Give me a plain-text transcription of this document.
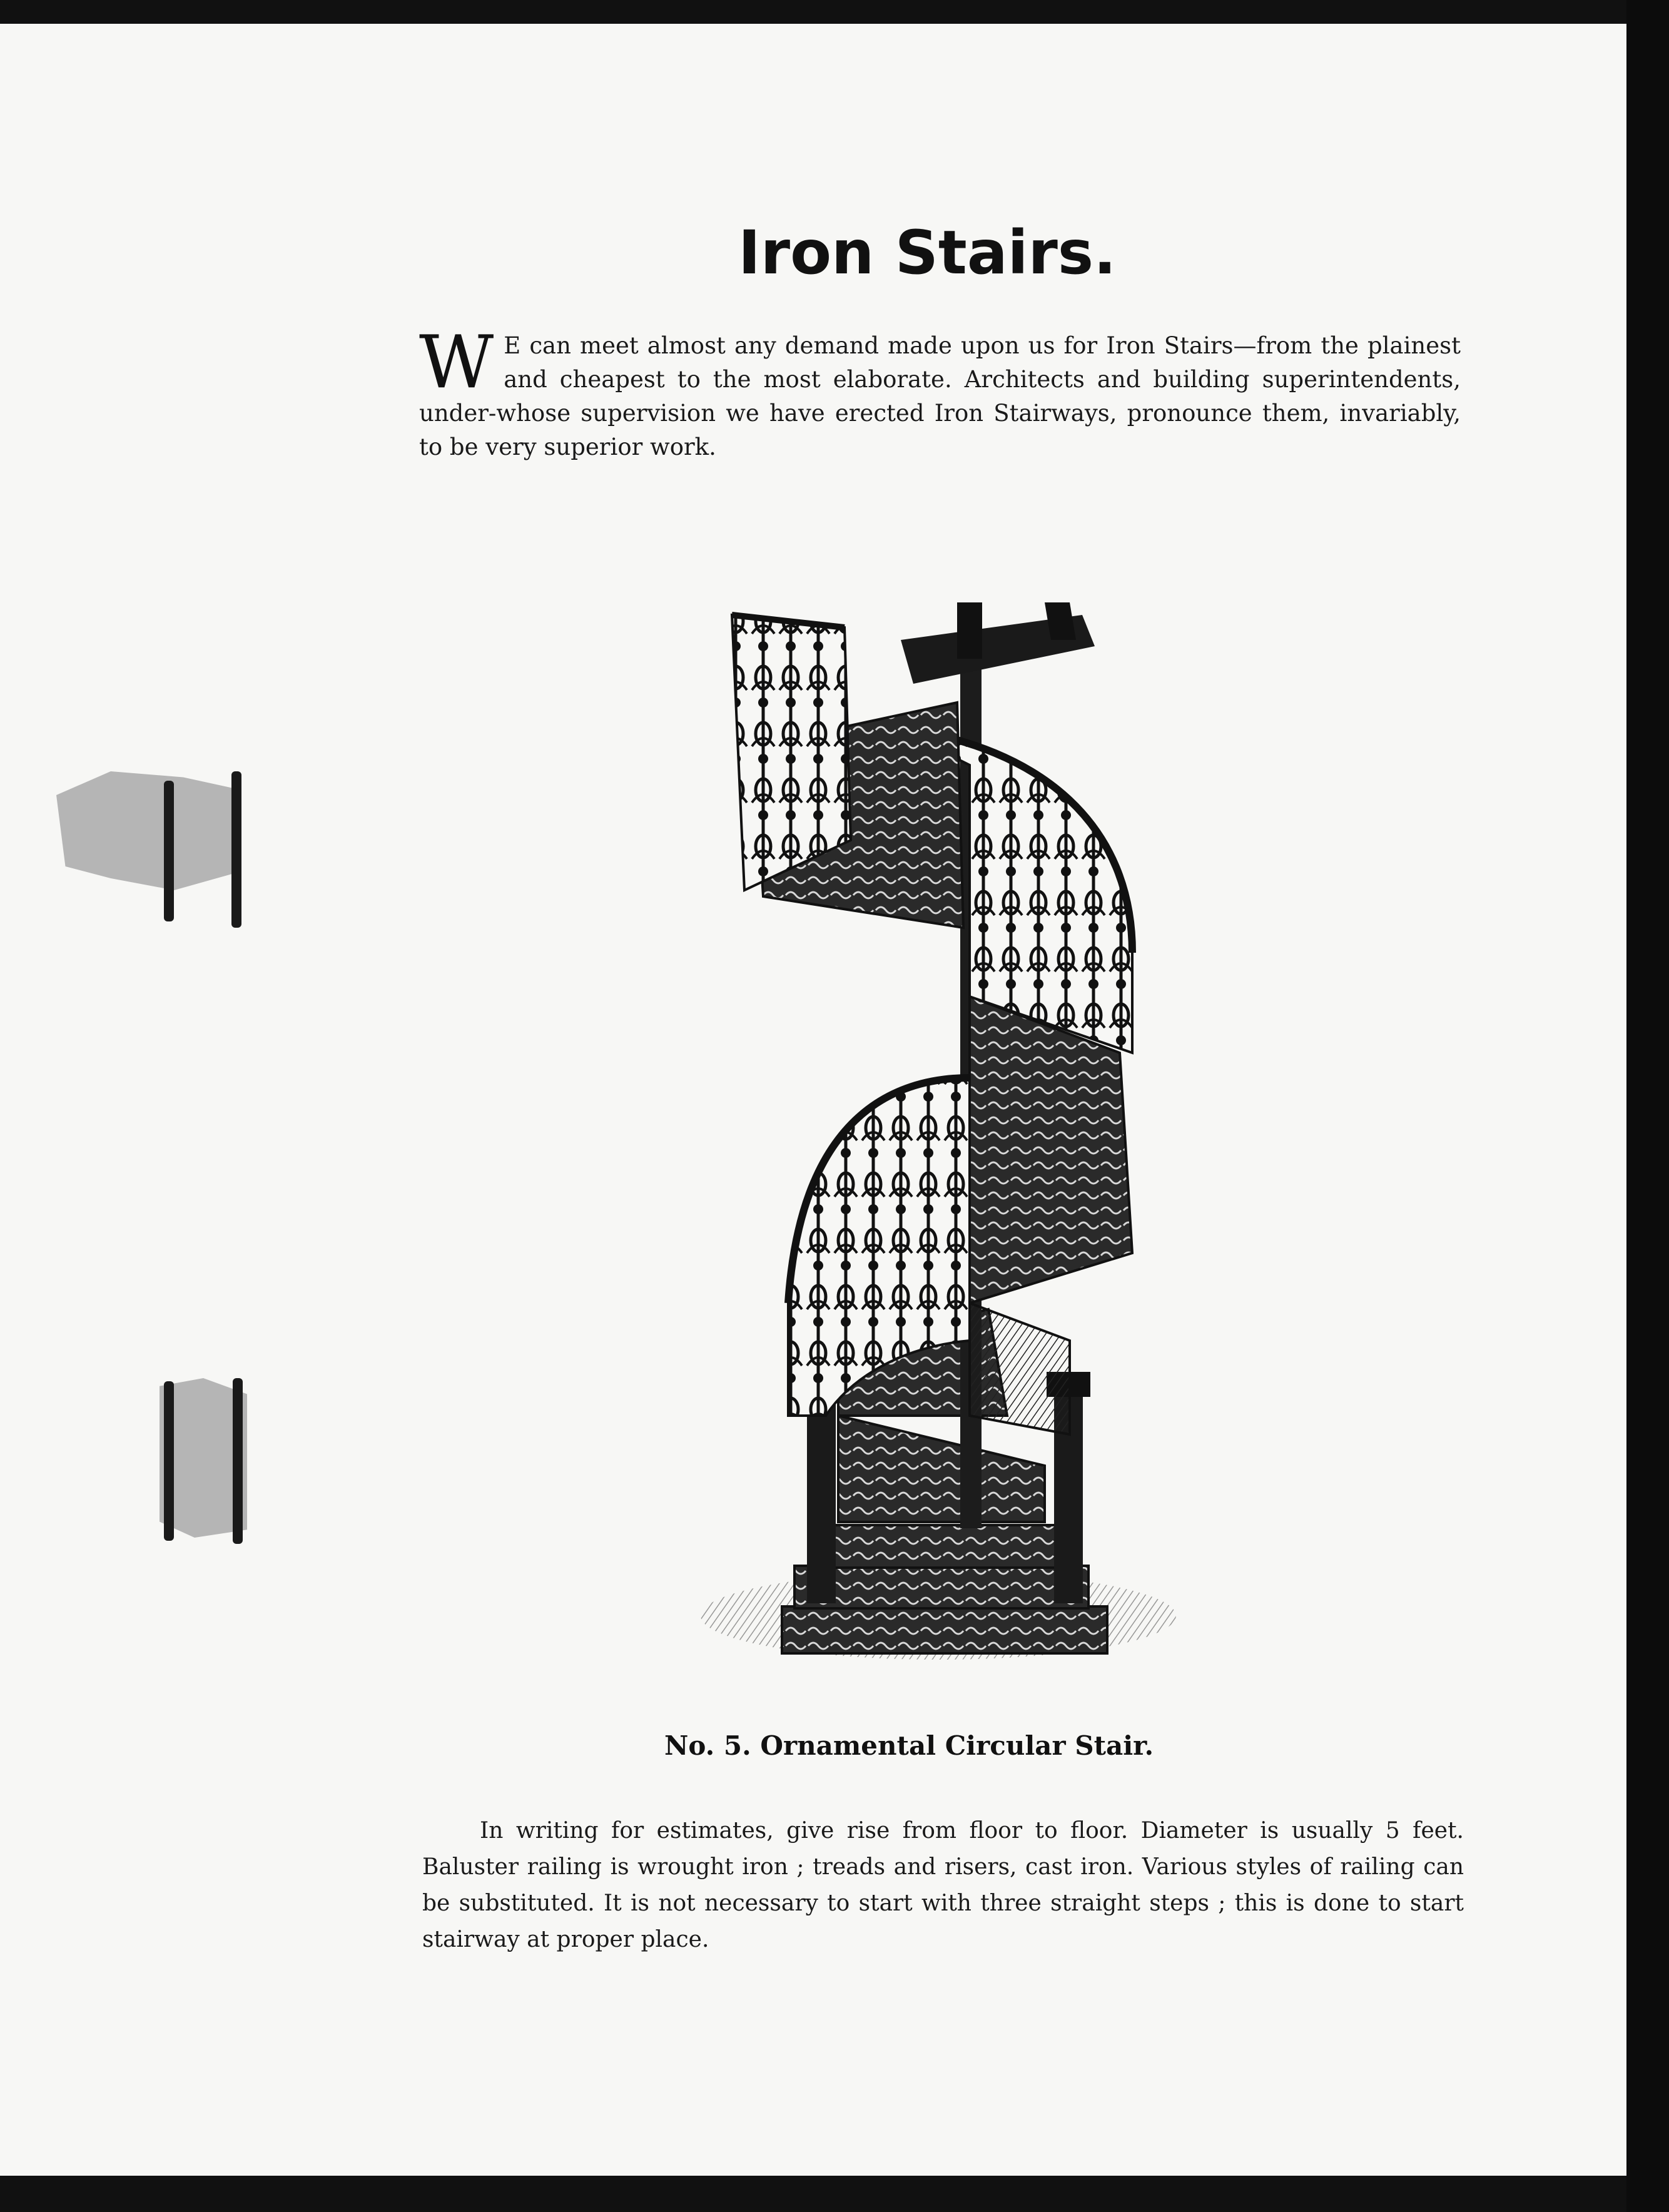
Iron Stairs.
W E can meet almost any demand made upon us for Iron Stairs—from the plainest and cheapest to the most elaborate. Architects and building superintendents, under-whose supervision we have erected Iron Stairways, pronounce them, invariably, to be very superior work.
No. 5. Ornamental Circular Stair.
In writing for estimates, give rise from floor to floor. Diameter is usually 5 feet. Baluster railing is wrought iron ; treads and risers, cast iron. Various styles of railing can be substituted. It is not necessary to start with three straight steps ; this is done to start stairway at proper place.
